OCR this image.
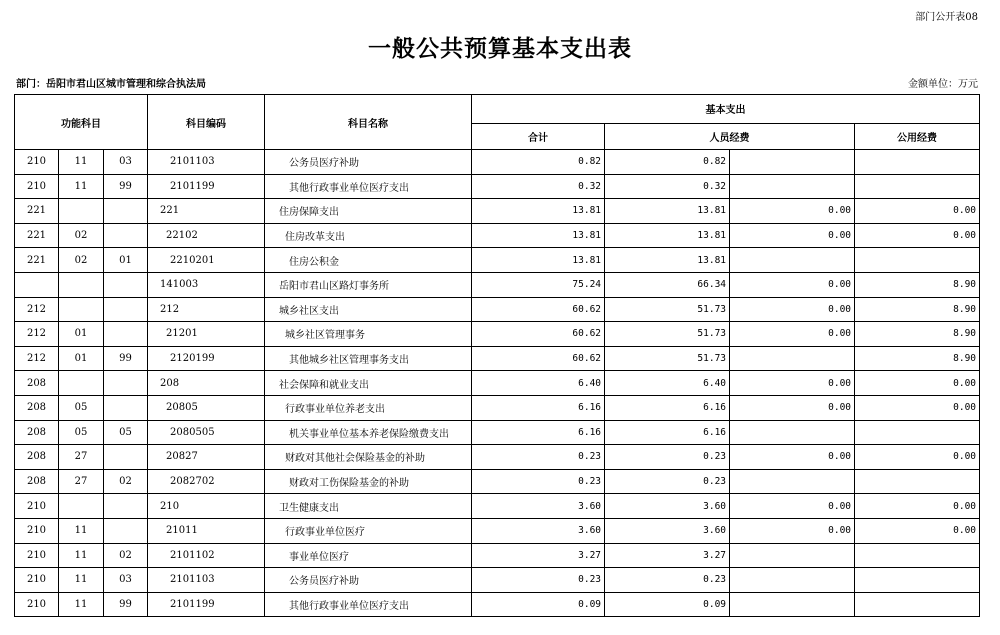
部门公开表08
一般公共预算基本支出表
部门：岳阳市君山区城市管理和综合执法局	金额单位：万元
功能科目			科目编码	科目名称	基本支出			
					合计	人员经费		公用经费
210	11	03	2101103	公务员医疗补助	0.82	0.82		
210	11	99	2101199	其他行政事业单位医疗支出	0.32	0.32		
221			221	住房保障支出	13.81	13.81	0.00	0.00
221	02		22102	住房改革支出	13.81	13.81	0.00	0.00
221	02	01	2210201	住房公积金	13.81	13.81		
			141003	岳阳市君山区路灯事务所	75.24	66.34	0.00	8.90
212			212	城乡社区支出	60.62	51.73	0.00	8.90
212	01		21201	城乡社区管理事务	60.62	51.73	0.00	8.90
212	01	99	2120199	其他城乡社区管理事务支出	60.62	51.73		8.90
208			208	社会保障和就业支出	6.40	6.40	0.00	0.00
208	05		20805	行政事业单位养老支出	6.16	6.16	0.00	0.00
208	05	05	2080505	机关事业单位基本养老保险缴费支出	6.16	6.16		
208	27		20827	财政对其他社会保险基金的补助	0.23	0.23	0.00	0.00
208	27	02	2082702	财政对工伤保险基金的补助	0.23	0.23		
210			210	卫生健康支出	3.60	3.60	0.00	0.00
210	11		21011	行政事业单位医疗	3.60	3.60	0.00	0.00
210	11	02	2101102	事业单位医疗	3.27	3.27		
210	11	03	2101103	公务员医疗补助	0.23	0.23		
210	11	99	2101199	其他行政事业单位医疗支出	0.09	0.09		
